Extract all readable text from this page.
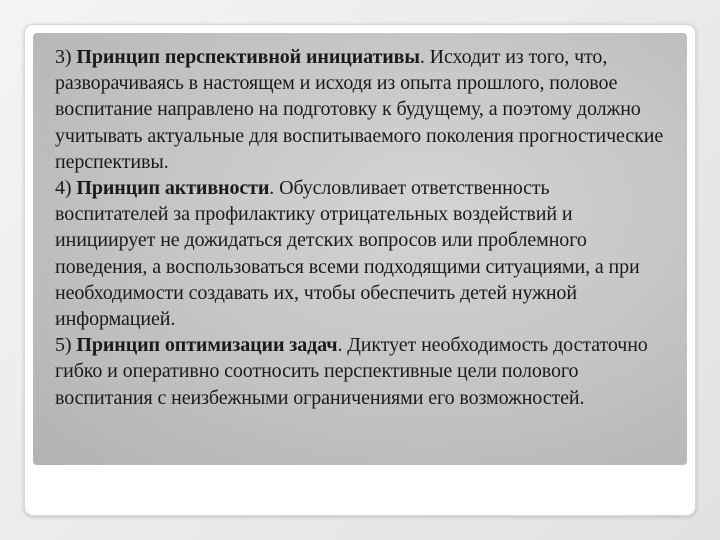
3) Принцип перспективной инициативы. Исходит из того, что, разворачиваясь в настоящем и исходя из опыта прошлого, половое воспитание направлено на подготовку к будущему, а поэтому должно учитывать актуальные для воспитываемого поколения прогностические перспективы.

4) Принцип активности. Обусловливает ответственность воспитателей за профилактику отрицательных воздействий и инициирует не дожидаться детских вопросов или проблемного поведения, а воспользоваться всеми подходящими ситуациями, а при необходимости создавать их, чтобы обеспечить детей нужной информацией.

5) Принцип оптимизации задач. Диктует необходимость достаточно гибко и оперативно соотносить перспективные цели полового воспитания с неизбежными ограничениями его возможностей.
